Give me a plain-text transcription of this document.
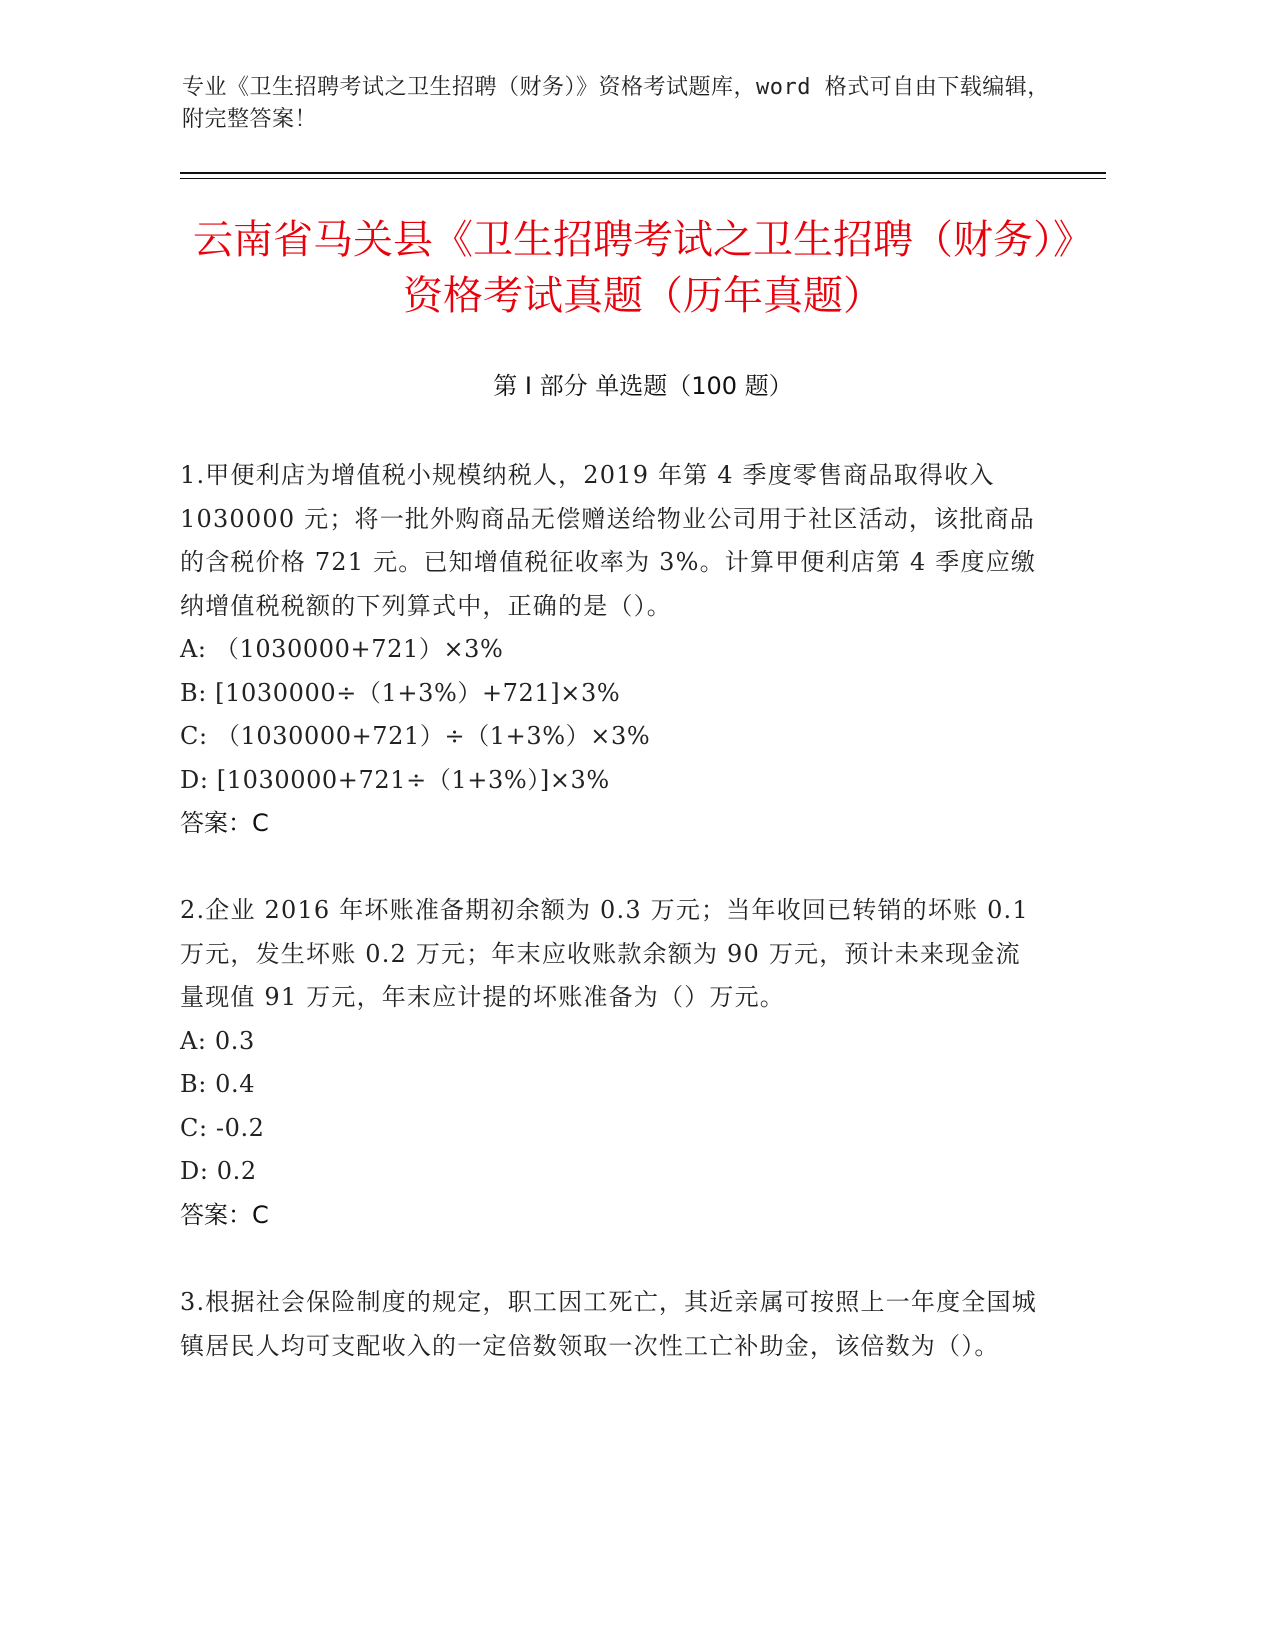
专业《卫生招聘考试之卫生招聘（财务）》资格考试题库，word 格式可自由下载编辑，附完整答案！
云南省马关县《卫生招聘考试之卫生招聘（财务）》资格考试真题（历年真题）
第 I 部分 单选题（100 题）
1.甲便利店为增值税小规模纳税人，2019 年第 4 季度零售商品取得收入 1030000 元；将一批外购商品无偿赠送给物业公司用于社区活动，该批商品的含税价格 721 元。已知增值税征收率为 3%。计算甲便利店第 4 季度应缴纳增值税税额的下列算式中，正确的是（）。
A: （1030000+721）×3%
B: [1030000÷（1+3%）+721]×3%
C: （1030000+721）÷（1+3%）×3%
D: [1030000+721÷（1+3%）]×3%
答案：C
2.企业 2016 年坏账准备期初余额为 0.3 万元；当年收回已转销的坏账 0.1 万元，发生坏账 0.2 万元；年末应收账款余额为 90 万元，预计未来现金流量现值 91 万元，年末应计提的坏账准备为（）万元。
A: 0.3
B: 0.4
C: -0.2
D: 0.2
答案：C
3.根据社会保险制度的规定，职工因工死亡，其近亲属可按照上一年度全国城镇居民人均可支配收入的一定倍数领取一次性工亡补助金，该倍数为（）。
